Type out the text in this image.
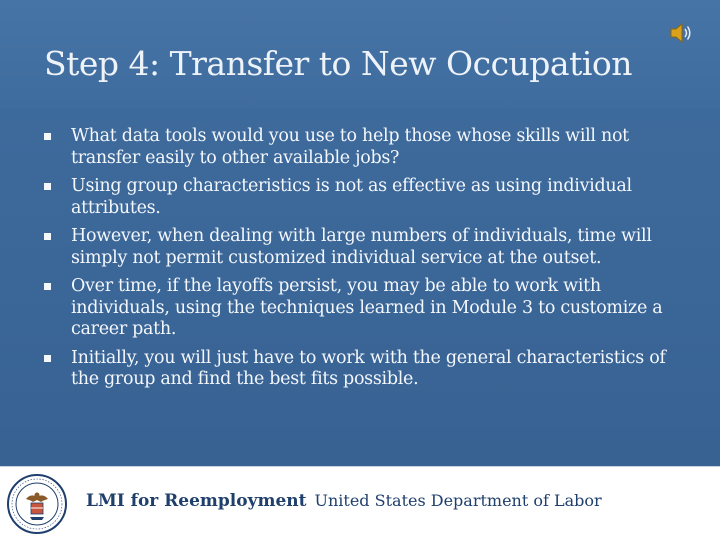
Step 4: Transfer to New Occupation
What data tools would you use to help those whose skills will not transfer easily to other available jobs?
Using group characteristics is not as effective as using individual attributes.
However, when dealing with large numbers of individuals, time will simply not permit customized individual service at the outset.
Over time, if the layoffs persist, you may be able to work with individuals, using the techniques learned in Module 3 to customize a career path.
Initially, you will just have to work with the general characteristics of the group and find the best fits possible.
LMI for Reemployment United States Department of Labor
